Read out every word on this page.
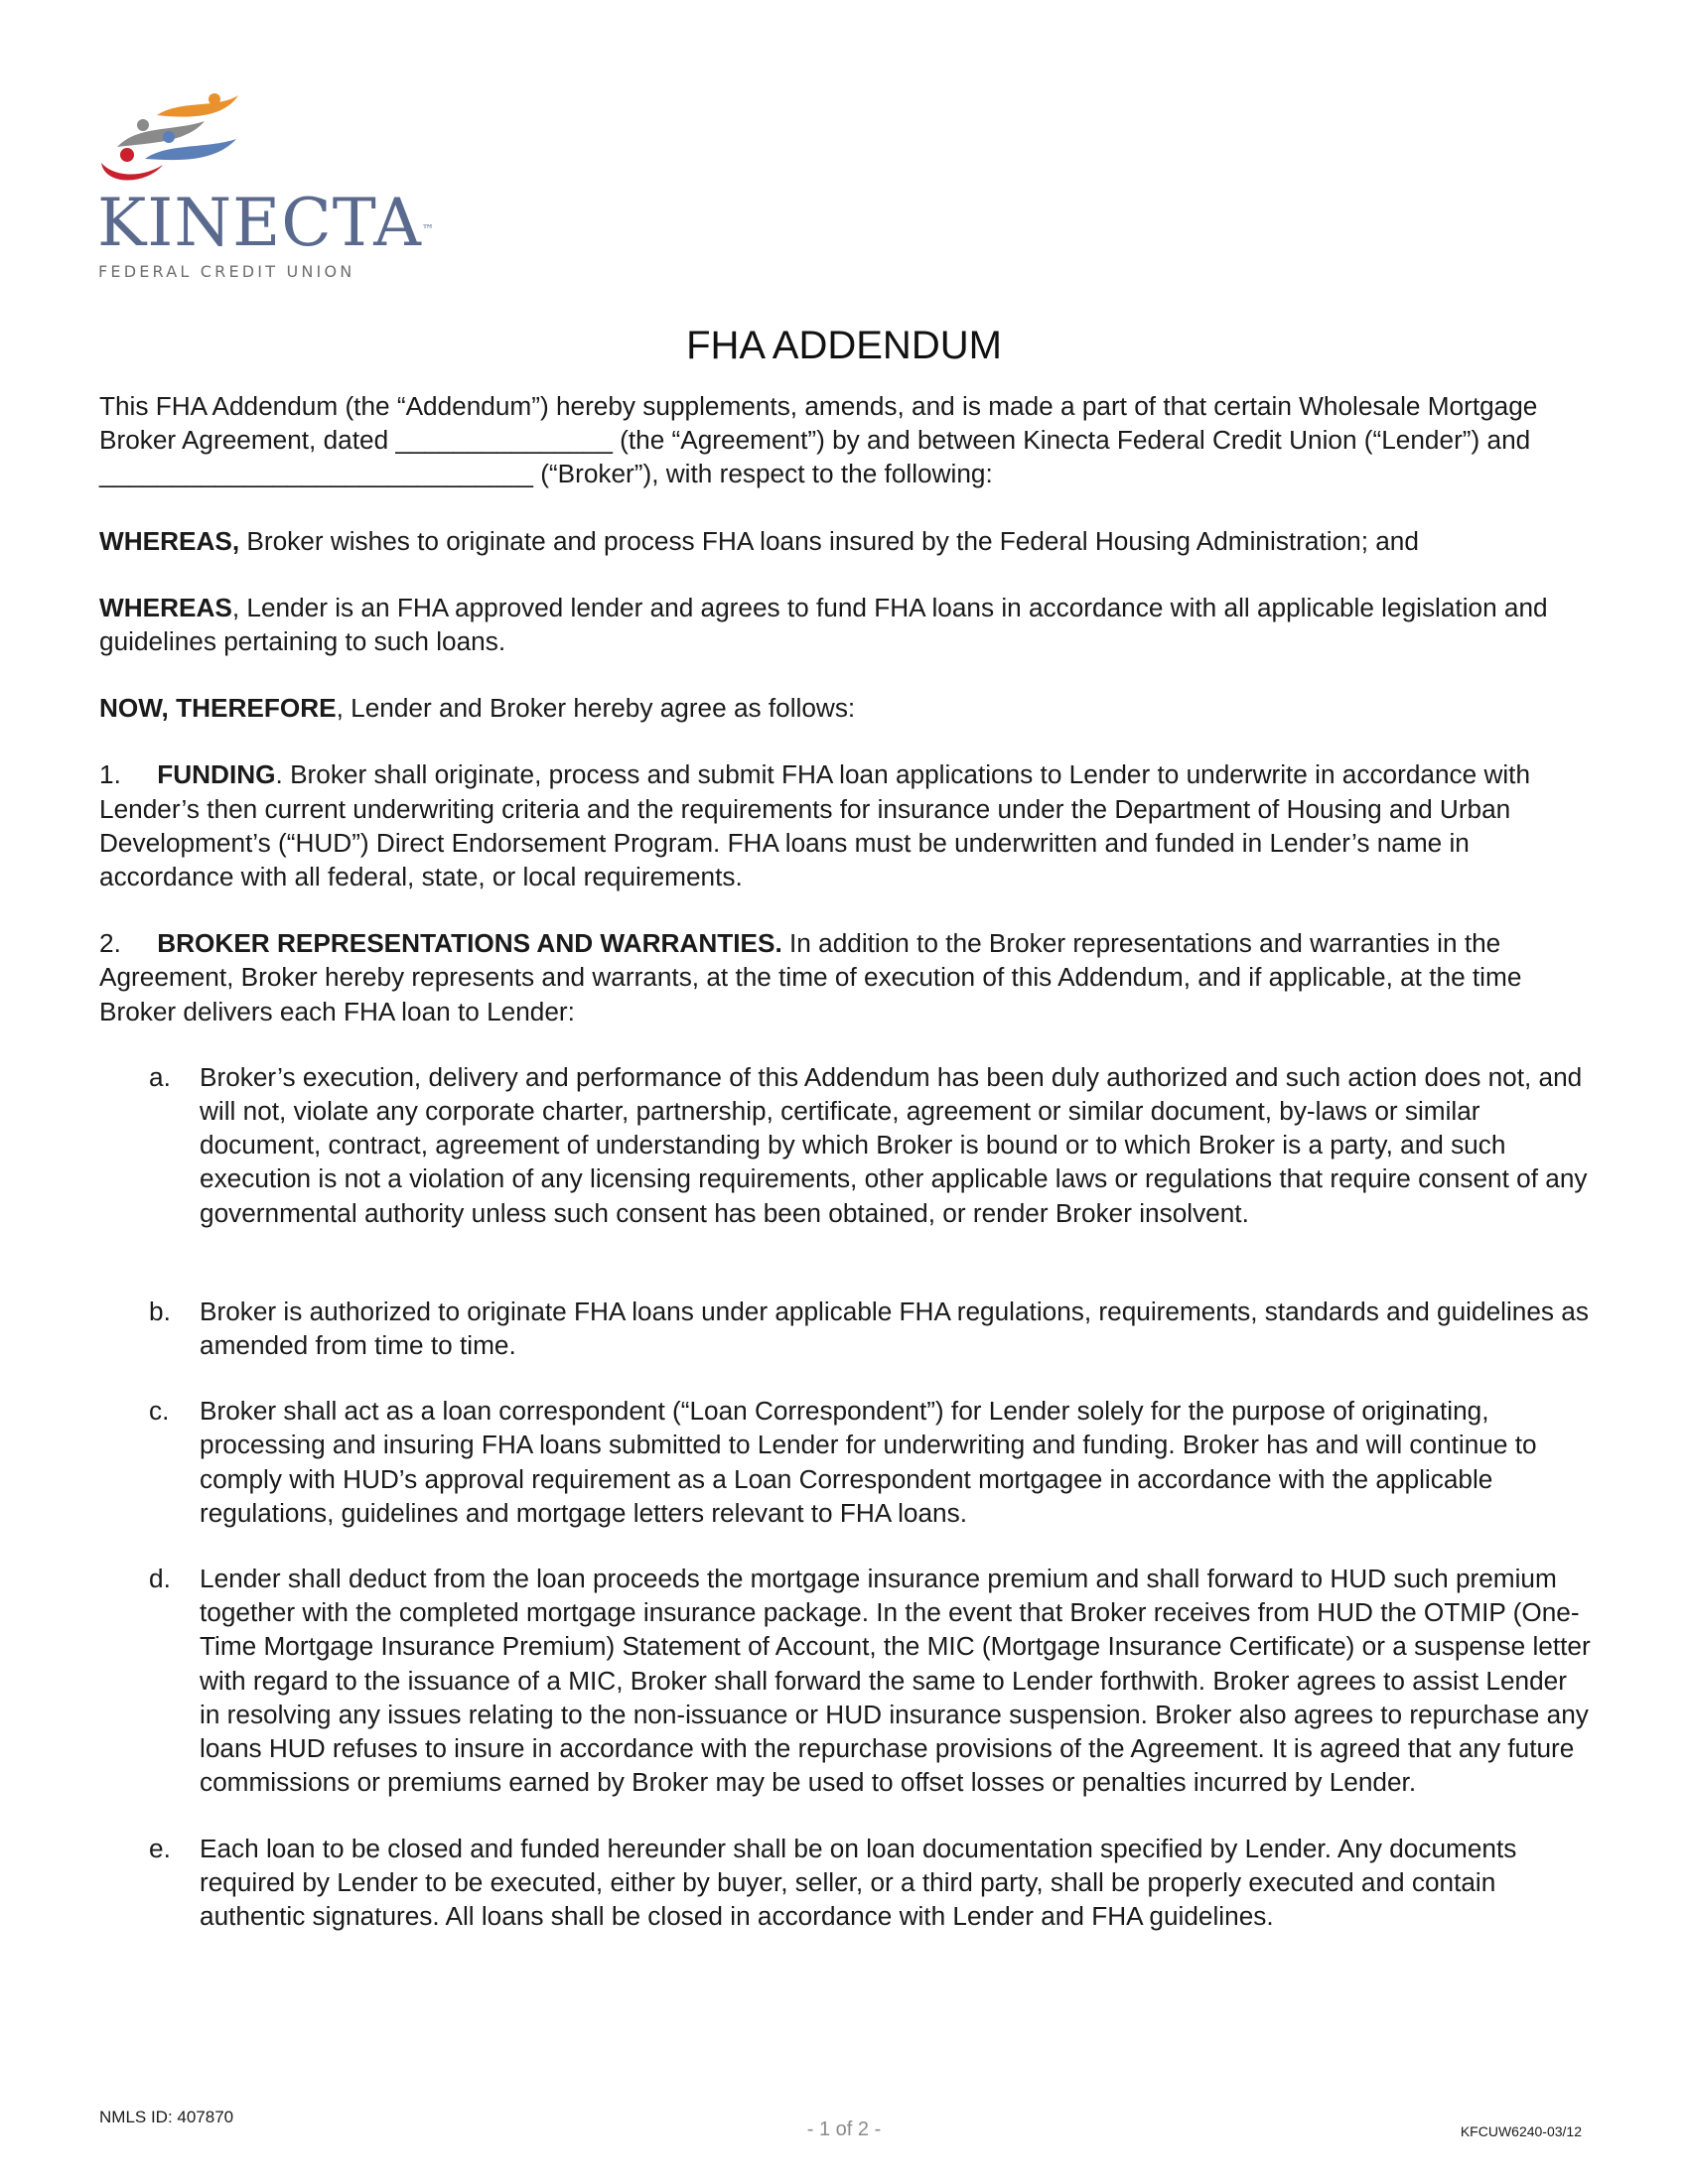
KINECTA™
FEDERAL CREDIT UNION
FHA ADDENDUM

This FHA Addendum (the “Addendum”) hereby supplements, amends, and is made a part of that certain Wholesale Mortgage Broker Agreement, dated _______________ (the “Agreement”) by and between Kinecta Federal Credit Union (“Lender”) and ______________________________ (“Broker”), with respect to the following:

WHEREAS, Broker wishes to originate and process FHA loans insured by the Federal Housing Administration; and

WHEREAS, Lender is an FHA approved lender and agrees to fund FHA loans in accordance with all applicable legislation and guidelines pertaining to such loans.

NOW, THEREFORE, Lender and Broker hereby agree as follows:

1. FUNDING. Broker shall originate, process and submit FHA loan applications to Lender to underwrite in accordance with Lender’s then current underwriting criteria and the requirements for insurance under the Department of Housing and Urban Development’s (“HUD”) Direct Endorsement Program. FHA loans must be underwritten and funded in Lender’s name in accordance with all federal, state, or local requirements.

2. BROKER REPRESENTATIONS AND WARRANTIES. In addition to the Broker representations and warranties in the Agreement, Broker hereby represents and warrants, at the time of execution of this Addendum, and if applicable, at the time Broker delivers each FHA loan to Lender:

a.	Broker’s execution, delivery and performance of this Addendum has been duly authorized and such action does not, and will not, violate any corporate charter, partnership, certificate, agreement or similar document, by-laws or similar document, contract, agreement of understanding by which Broker is bound or to which Broker is a party, and such execution is not a violation of any licensing requirements, other applicable laws or regulations that require consent of any governmental authority unless such consent has been obtained, or render Broker insolvent.
b.	Broker is authorized to originate FHA loans under applicable FHA regulations, requirements, standards and guidelines as amended from time to time.
c.	Broker shall act as a loan correspondent (“Loan Correspondent”) for Lender solely for the purpose of originating, processing and insuring FHA loans submitted to Lender for underwriting and funding. Broker has and will continue to comply with HUD’s approval requirement as a Loan Correspondent mortgagee in accordance with the applicable regulations, guidelines and mortgage letters relevant to FHA loans.
d.	Lender shall deduct from the loan proceeds the mortgage insurance premium and shall forward to HUD such premium together with the completed mortgage insurance package. In the event that Broker receives from HUD the OTMIP (One-Time Mortgage Insurance Premium) Statement of Account, the MIC (Mortgage Insurance Certificate) or a suspense letter with regard to the issuance of a MIC, Broker shall forward the same to Lender forthwith. Broker agrees to assist Lender in resolving any issues relating to the non-issuance or HUD insurance suspension. Broker also agrees to repurchase any loans HUD refuses to insure in accordance with the repurchase provisions of the Agreement. It is agreed that any future commissions or premiums earned by Broker may be used to offset losses or penalties incurred by Lender.
e.	Each loan to be closed and funded hereunder shall be on loan documentation specified by Lender. Any documents required by Lender to be executed, either by buyer, seller, or a third party, shall be properly executed and contain authentic signatures. All loans shall be closed in accordance with Lender and FHA guidelines.
NMLS ID: 407870
- 1 of 2 -	KFCUW6240-03/12
